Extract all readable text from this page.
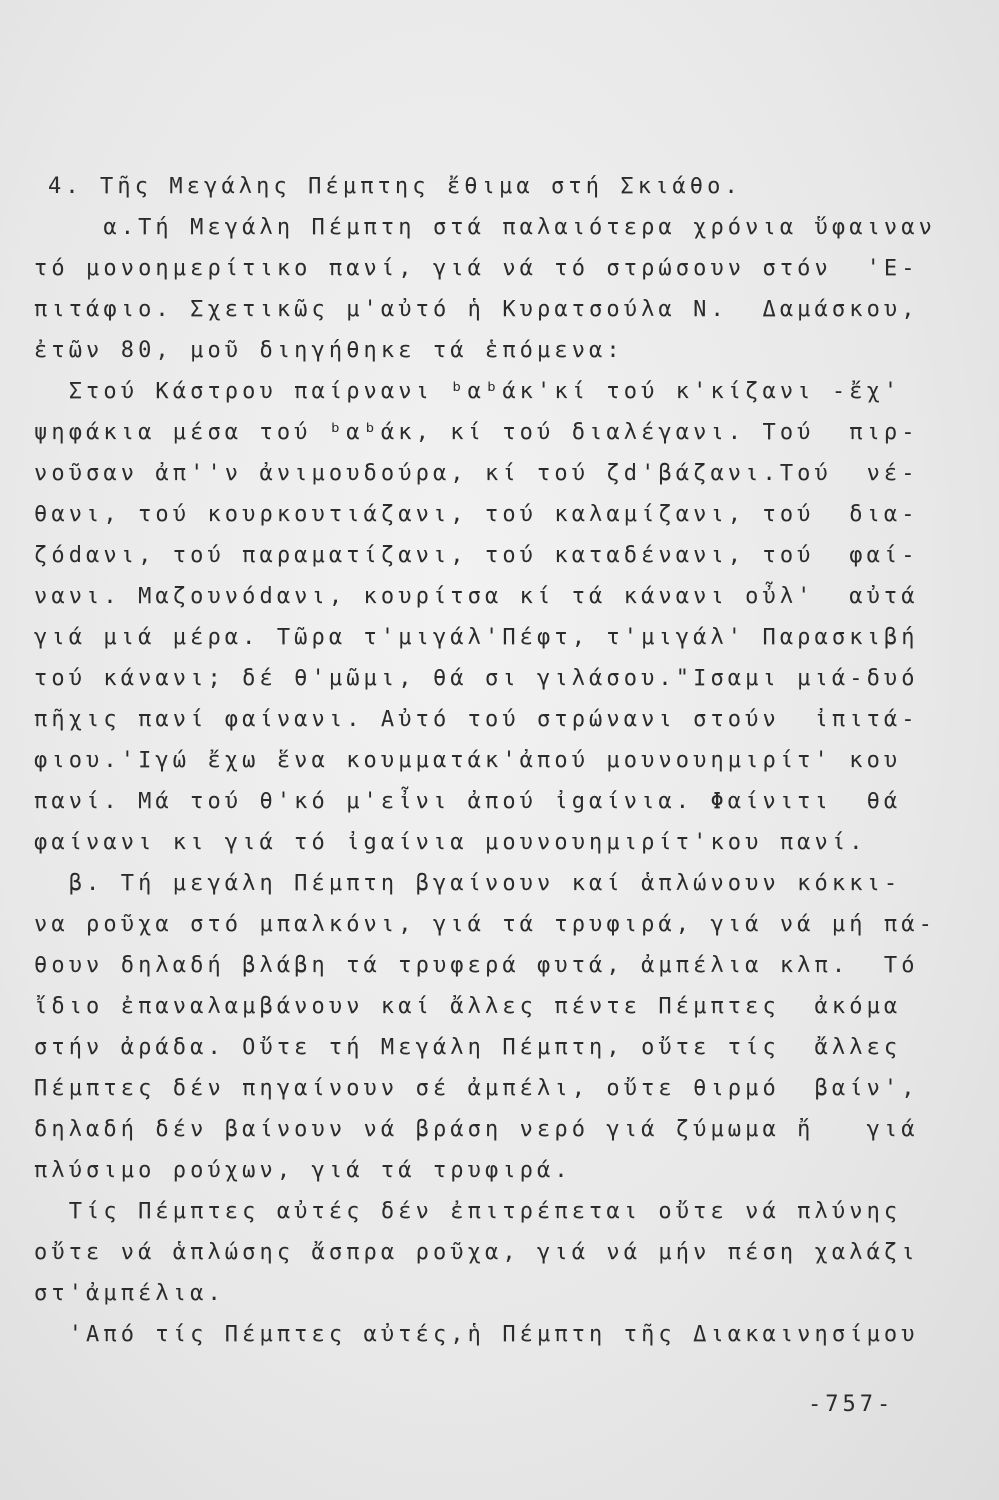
4. Τῆς Μεγάλης Πέμπτης ἔθιμα στή Σκιάθο.
α.Τή Μεγάλη Πέμπτη στά παλαιότερα χρόνια ὕφαιναν
τό μονοημερίτικο πανί, γιά νά τό στρώσουν στόν  'Ε-
πιτάφιο. Σχετικῶς μ'αὐτό ἡ Κυρατσούλα Ν.  Δαμάσκου,
ἐτῶν 80, μοῦ διηγήθηκε τά ἑπόμενα:
Στού Κάστρου παίρνανι ᵇαᵇάκ'κί τού κ'κίζανι -ἔχ'
ψηφάκια μέσα τού ᵇαᵇάκ, κί τού διαλέγανι. Τού  πιρ-
νοῦσαν ἀπ''ν ἀνιμουδούρα, κί τού ζd'βάζανι.Τού  νέ-
θανι, τού κουρκουτιάζανι, τού καλαμίζανι, τού  δια-
ζόdανι, τού παραματίζανι, τού καταδένανι, τού  φαί-
νανι. Μαζουνόdανι, κουρίτσα κί τά κάνανι οὖλ'  αὐτά
γιά μιά μέρα. Τῶρα τ'μιγάλ'Πέφτ, τ'μιγάλ' Παρασκιβή
τού κάνανι; δέ θ'μῶμι, θά σι γιλάσου."Ισαμι μιά-δυό
πῆχις πανί φαίνανι. Αὐτό τού στρώνανι στούν  ἰπιτά-
φιου.'Ιγώ ἔχω ἕνα κουμματάκ'ἀπού μουνουημιρίτ' κου
πανί. Μά τού θ'κό μ'εἶνι ἀπού ἰgαίνια. Φαίνιτι  θά
φαίνανι κι γιά τό ἰgαίνια μουνουημιρίτ'κου πανί.
β. Τή μεγάλη Πέμπτη βγαίνουν καί ἁπλώνουν κόκκι-
να ροῦχα στό μπαλκόνι, γιά τά τρυφιρά, γιά νά μή πά-
θουν δηλαδή βλάβη τά τρυφερά φυτά, ἀμπέλια κλπ.  Τό
ἴδιο ἐπαναλαμβάνουν καί ἄλλες πέντε Πέμπτες  ἀκόμα
στήν ἀράδα. Οὔτε τή Μεγάλη Πέμπτη, οὔτε τίς  ἄλλες
Πέμπτες δέν πηγαίνουν σέ ἀμπέλι, οὔτε θιρμό  βαίν',
δηλαδή δέν βαίνουν νά βράση νερό γιά ζύμωμα ἤ   γιά
πλύσιμο ρούχων, γιά τά τρυφιρά.
Τίς Πέμπτες αὐτές δέν ἐπιτρέπεται οὔτε νά πλύνης
οὔτε νά ἁπλώσης ἄσπρα ροῦχα, γιά νά μήν πέση χαλάζι
στ'ἀμπέλια.
'Από τίς Πέμπτες αὐτές,ἡ Πέμπτη τῆς Διακαινησίμου
-757-
